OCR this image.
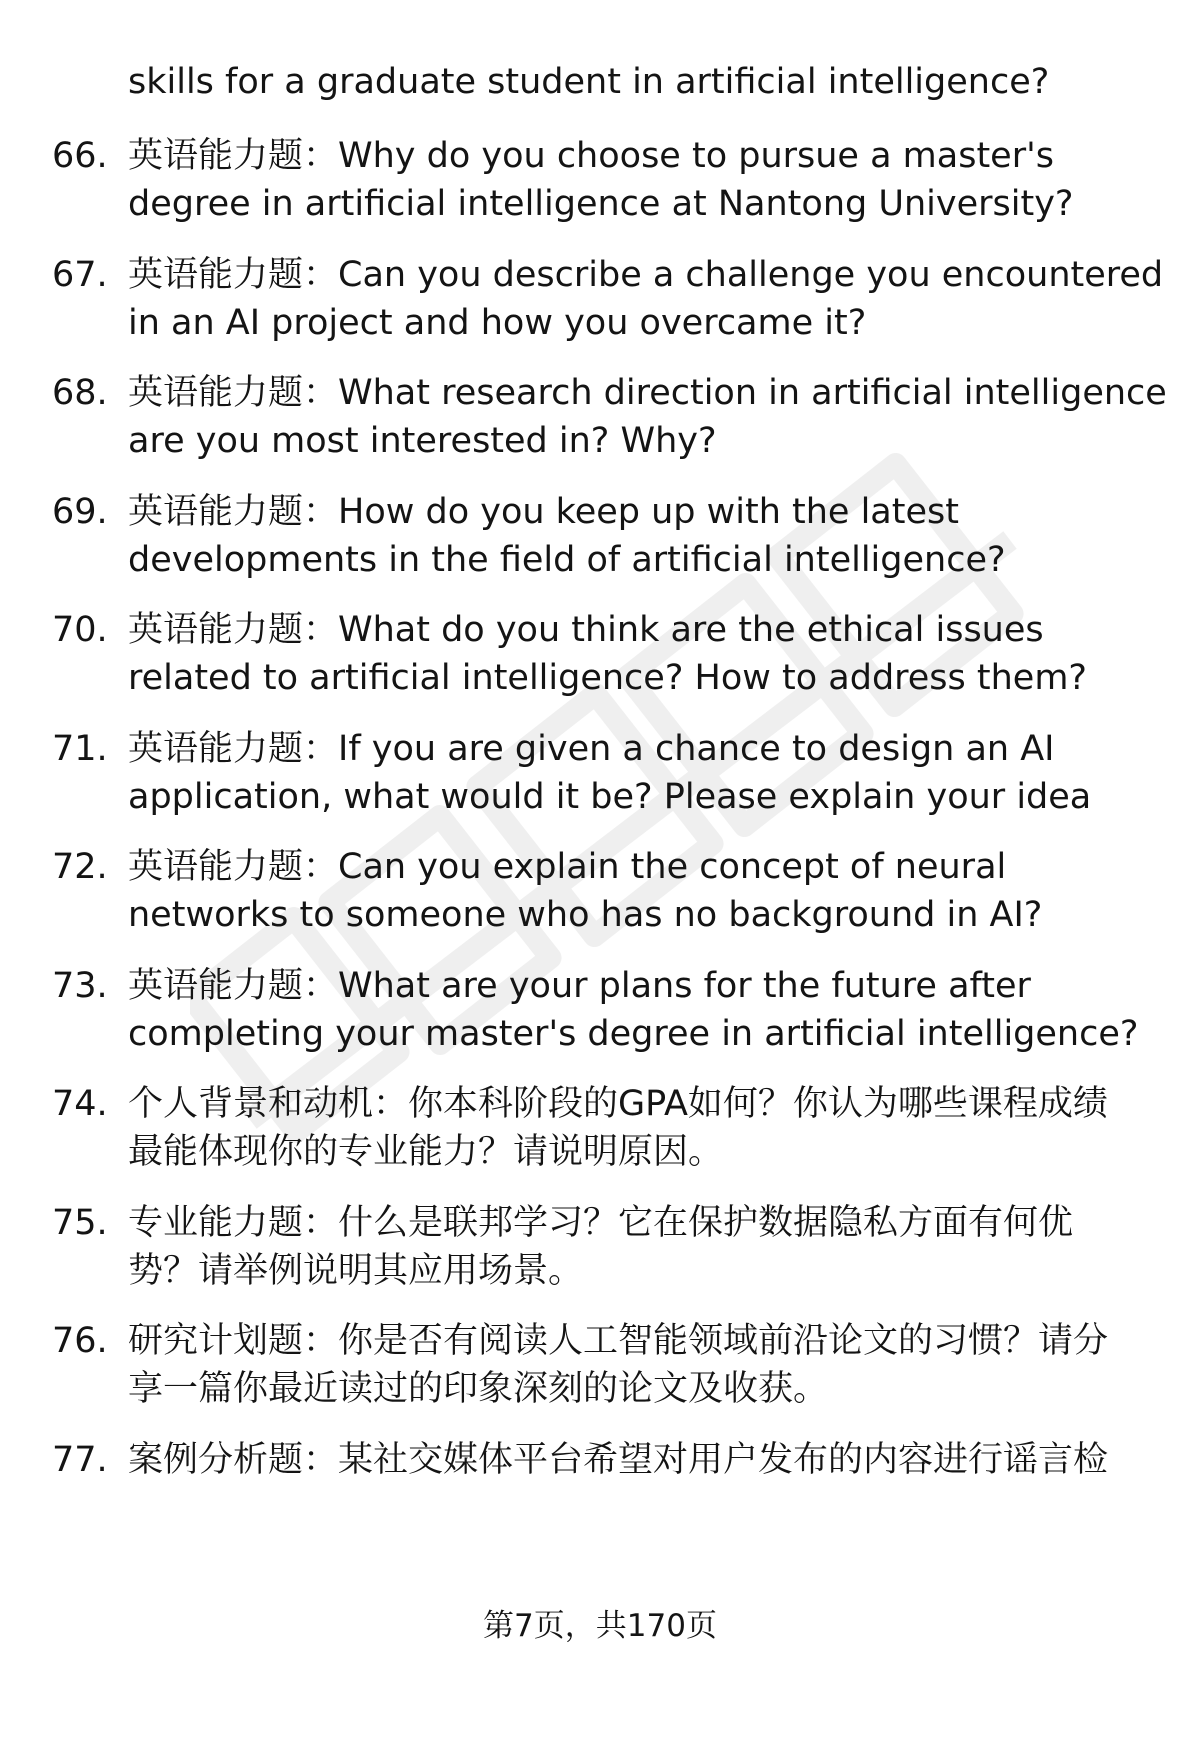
skills for a graduate student in artificial intelligence?
66. 英语能力题：Why do you choose to pursue a master's
degree in artificial intelligence at Nantong University?
67. 英语能力题：Can you describe a challenge you encountered
in an AI project and how you overcame it?
68. 英语能力题：What research direction in artificial intelligence
are you most interested in? Why?
69. 英语能力题：How do you keep up with the latest
developments in the field of artificial intelligence?
70. 英语能力题：What do you think are the ethical issues
related to artificial intelligence? How to address them?
71. 英语能力题：If you are given a chance to design an AI
application, what would it be? Please explain your idea
72. 英语能力题：Can you explain the concept of neural
networks to someone who has no background in AI?
73. 英语能力题：What are your plans for the future after
completing your master's degree in artificial intelligence?
74. 个人背景和动机：你本科阶段的GPA如何？你认为哪些课程成绩
最能体现你的专业能力？请说明原因。
75. 专业能力题：什么是联邦学习？它在保护数据隐私方面有何优
势？请举例说明其应用场景。
76. 研究计划题：你是否有阅读人工智能领域前沿论文的习惯？请分
享一篇你最近读过的印象深刻的论文及收获。
77. 案例分析题：某社交媒体平台希望对用户发布的内容进行谣言检
第7页，共170页
